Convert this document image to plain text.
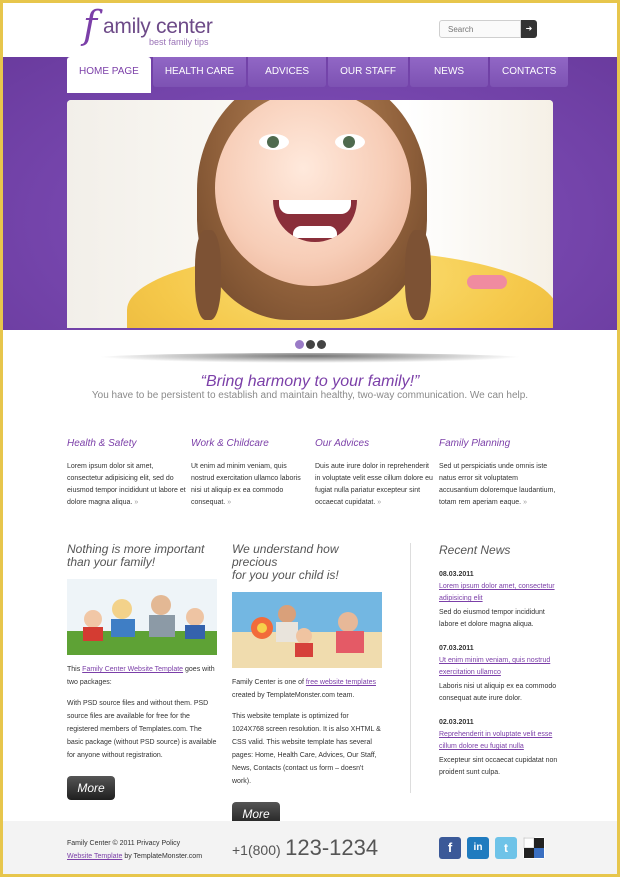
f amily center
best family tips
Search
➜
HOME PAGE	HEALTH CARE	ADVICES	OUR STAFF	NEWS	CONTACTS
“Bring harmony to your family!”
You have to be persistent to establish and maintain healthy, two-way communication. We can help.
Health & Safety

Lorem ipsum dolor sit amet, consectetur adipisicing elit, sed do eiusmod tempor incididunt ut labore et dolore magna aliqua. »

Work & Childcare

Ut enim ad minim veniam, quis nostrud exercitation ullamco laboris nisi ut aliquip ex ea commodo consequat. »

Our Advices

Duis aute irure dolor in reprehenderit in voluptate velit esse cillum dolore eu fugiat nulla pariatur excepteur sint occaecat cupidatat. »

Family Planning

Sed ut perspiciatis unde omnis iste natus error sit voluptatem accusantium doloremque laudantium, totam rem aperiam eaque. »

Nothing is more important
than your family!

This Family Center Website Template goes with two packages:

With PSD source files and without them. PSD source files are available for free for the registered members of Templates.com. The basic package (without PSD source) is available for anyone without registration.

More
We understand how precious
for you your child is!

Family Center is one of free website templates created by TemplateMonster.com team.

This website template is optimized for 1024X768 screen resolution. It is also XHTML & CSS valid. This website template has several pages: Home, Health Care, Advices, Our Staff, News, Contacts (contact us form – doesn't work).

More
Recent News
08.03.2011
Lorem ipsum dolor amet, consectetur adipisicing elit
Sed do eiusmod tempor incididunt labore et dolore magna aliqua.
07.03.2011
Ut enim minim veniam, quis nostrud exercitation ullamco
Laboris nisi ut aliquip ex ea commodo consequat aute irure dolor.
02.03.2011
Reprehenderit in voluptate velit esse cillum dolore eu fugiat nulla
Excepteur sint occaecat cupidatat non proident sunt culpa.
Family Center © 2011 Privacy Policy
Website Template by TemplateMonster.com +1(800) 123-1234	f	in	t
